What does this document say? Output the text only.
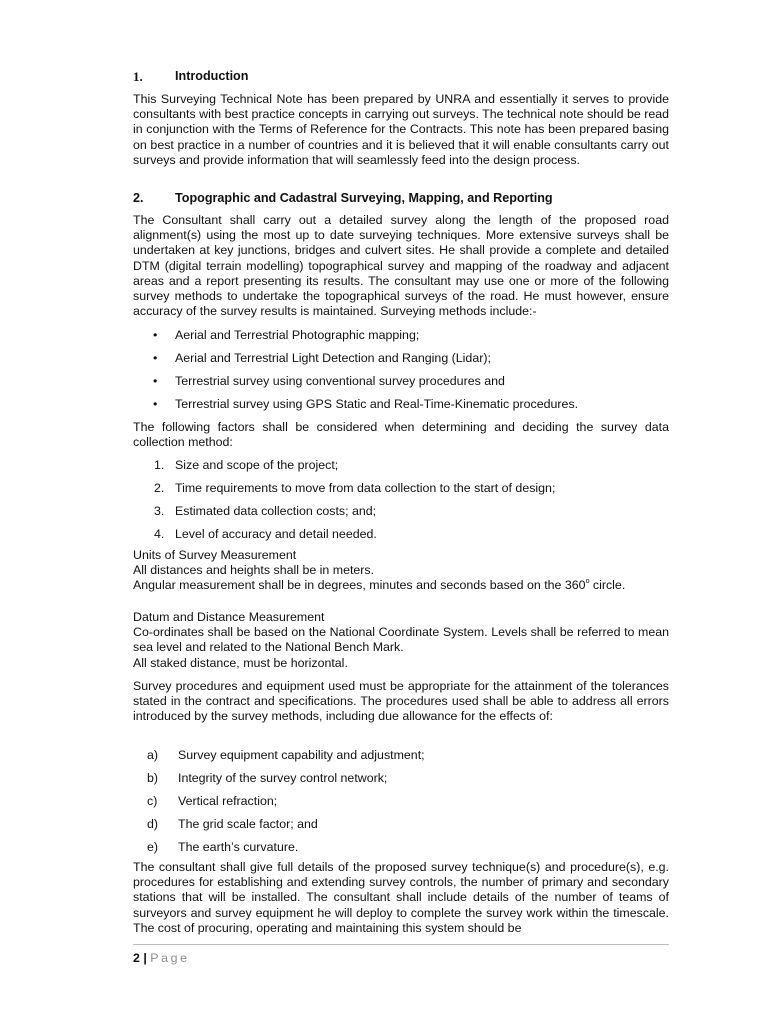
1.	Introduction

This Surveying Technical Note has been prepared by UNRA and essentially it serves to provide consultants with best practice concepts in carrying out surveys. The technical note should be read in conjunction with the Terms of Reference for the Contracts. This note has been prepared basing on best practice in a number of countries and it is believed that it will enable consultants carry out surveys and provide information that will seamlessly feed into the design process.

2.	Topographic and Cadastral Surveying, Mapping, and Reporting

The Consultant shall carry out a detailed survey along the length of the proposed road alignment(s) using the most up to date surveying techniques. More extensive surveys shall be undertaken at key junctions, bridges and culvert sites. He shall provide a complete and detailed DTM (digital terrain modelling) topographical survey and mapping of the roadway and adjacent areas and a report presenting its results. The consultant may use one or more of the following survey methods to undertake the topographical surveys of the road. He must however, ensure accuracy of the survey results is maintained. Surveying methods include:-

•	Aerial and Terrestrial Photographic mapping;
•	Aerial and Terrestrial Light Detection and Ranging (Lidar);
•	Terrestrial survey using conventional survey procedures and
•	Terrestrial survey using GPS Static and Real-Time-Kinematic procedures.

The following factors shall be considered when determining and deciding the survey data collection method:

1. Size and scope of the project;
2. Time requirements to move from data collection to the start of design;
3. Estimated data collection costs; and;
4. Level of accuracy and detail needed.

Units of Survey Measurement

All distances and heights shall be in meters.

Angular measurement shall be in degrees, minutes and seconds based on the 360$^o$ circle.

Datum and Distance Measurement

Co-ordinates shall be based on the National Coordinate System. Levels shall be referred to mean sea level and related to the National Bench Mark.

All staked distance, must be horizontal.

Survey procedures and equipment used must be appropriate for the attainment of the tolerances stated in the contract and specifications. The procedures used shall be able to address all errors introduced by the survey methods, including due allowance for the effects of:

a)	Survey equipment capability and adjustment;
b)	Integrity of the survey control network;
c)	Vertical refraction;
d)	The grid scale factor; and
e)	The earth’s curvature.

The consultant shall give full details of the proposed survey technique(s) and procedure(s), e.g. procedures for establishing and extending survey controls, the number of primary and secondary stations that will be installed. The consultant shall include details of the number of teams of surveyors and survey equipment he will deploy to complete the survey work within the timescale. The cost of procuring, operating and maintaining this system should be

2 | Page
